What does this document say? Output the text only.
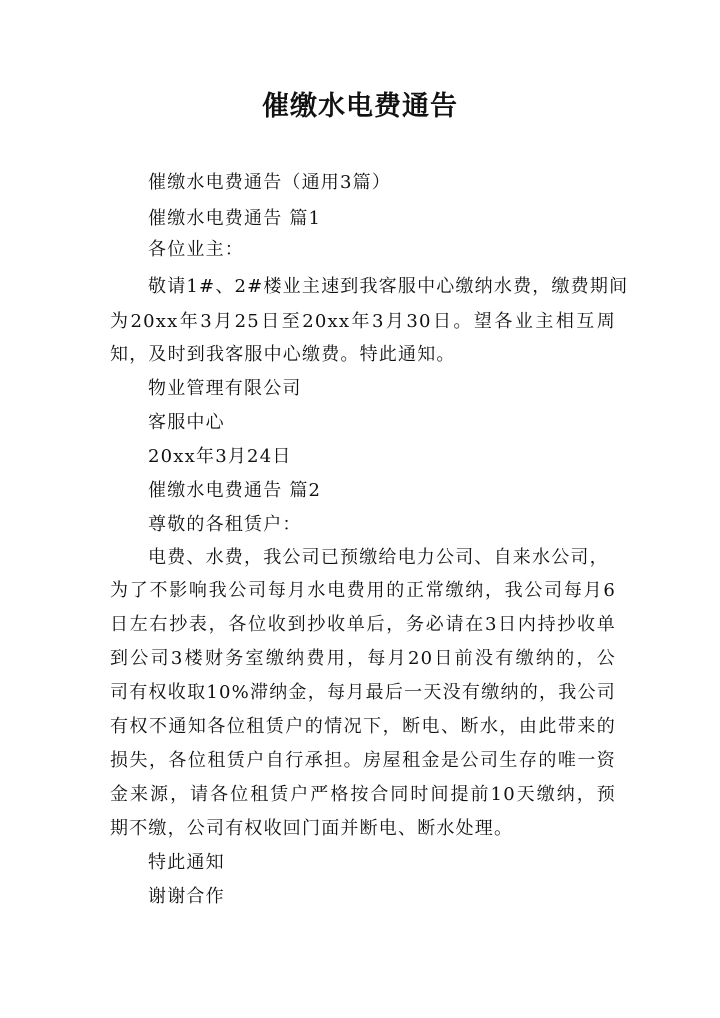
催缴水电费通告
催缴水电费通告（通用3篇）
催缴水电费通告 篇1
各位业主：
敬请1#、2#楼业主速到我客服中心缴纳水费，缴费期间
为20xx年3月25日至20xx年3月30日。望各业主相互周
知，及时到我客服中心缴费。特此通知。
物业管理有限公司
客服中心
20xx年3月24日
催缴水电费通告 篇2
尊敬的各租赁户：
电费、水费，我公司已预缴给电力公司、自来水公司，
为了不影响我公司每月水电费用的正常缴纳，我公司每月6
日左右抄表，各位收到抄收单后，务必请在3日内持抄收单
到公司3楼财务室缴纳费用，每月20日前没有缴纳的，公
司有权收取10%滞纳金，每月最后一天没有缴纳的，我公司
有权不通知各位租赁户的情况下，断电、断水，由此带来的
损失，各位租赁户自行承担。房屋租金是公司生存的唯一资
金来源，请各位租赁户严格按合同时间提前10天缴纳，预
期不缴，公司有权收回门面并断电、断水处理。
特此通知
谢谢合作
